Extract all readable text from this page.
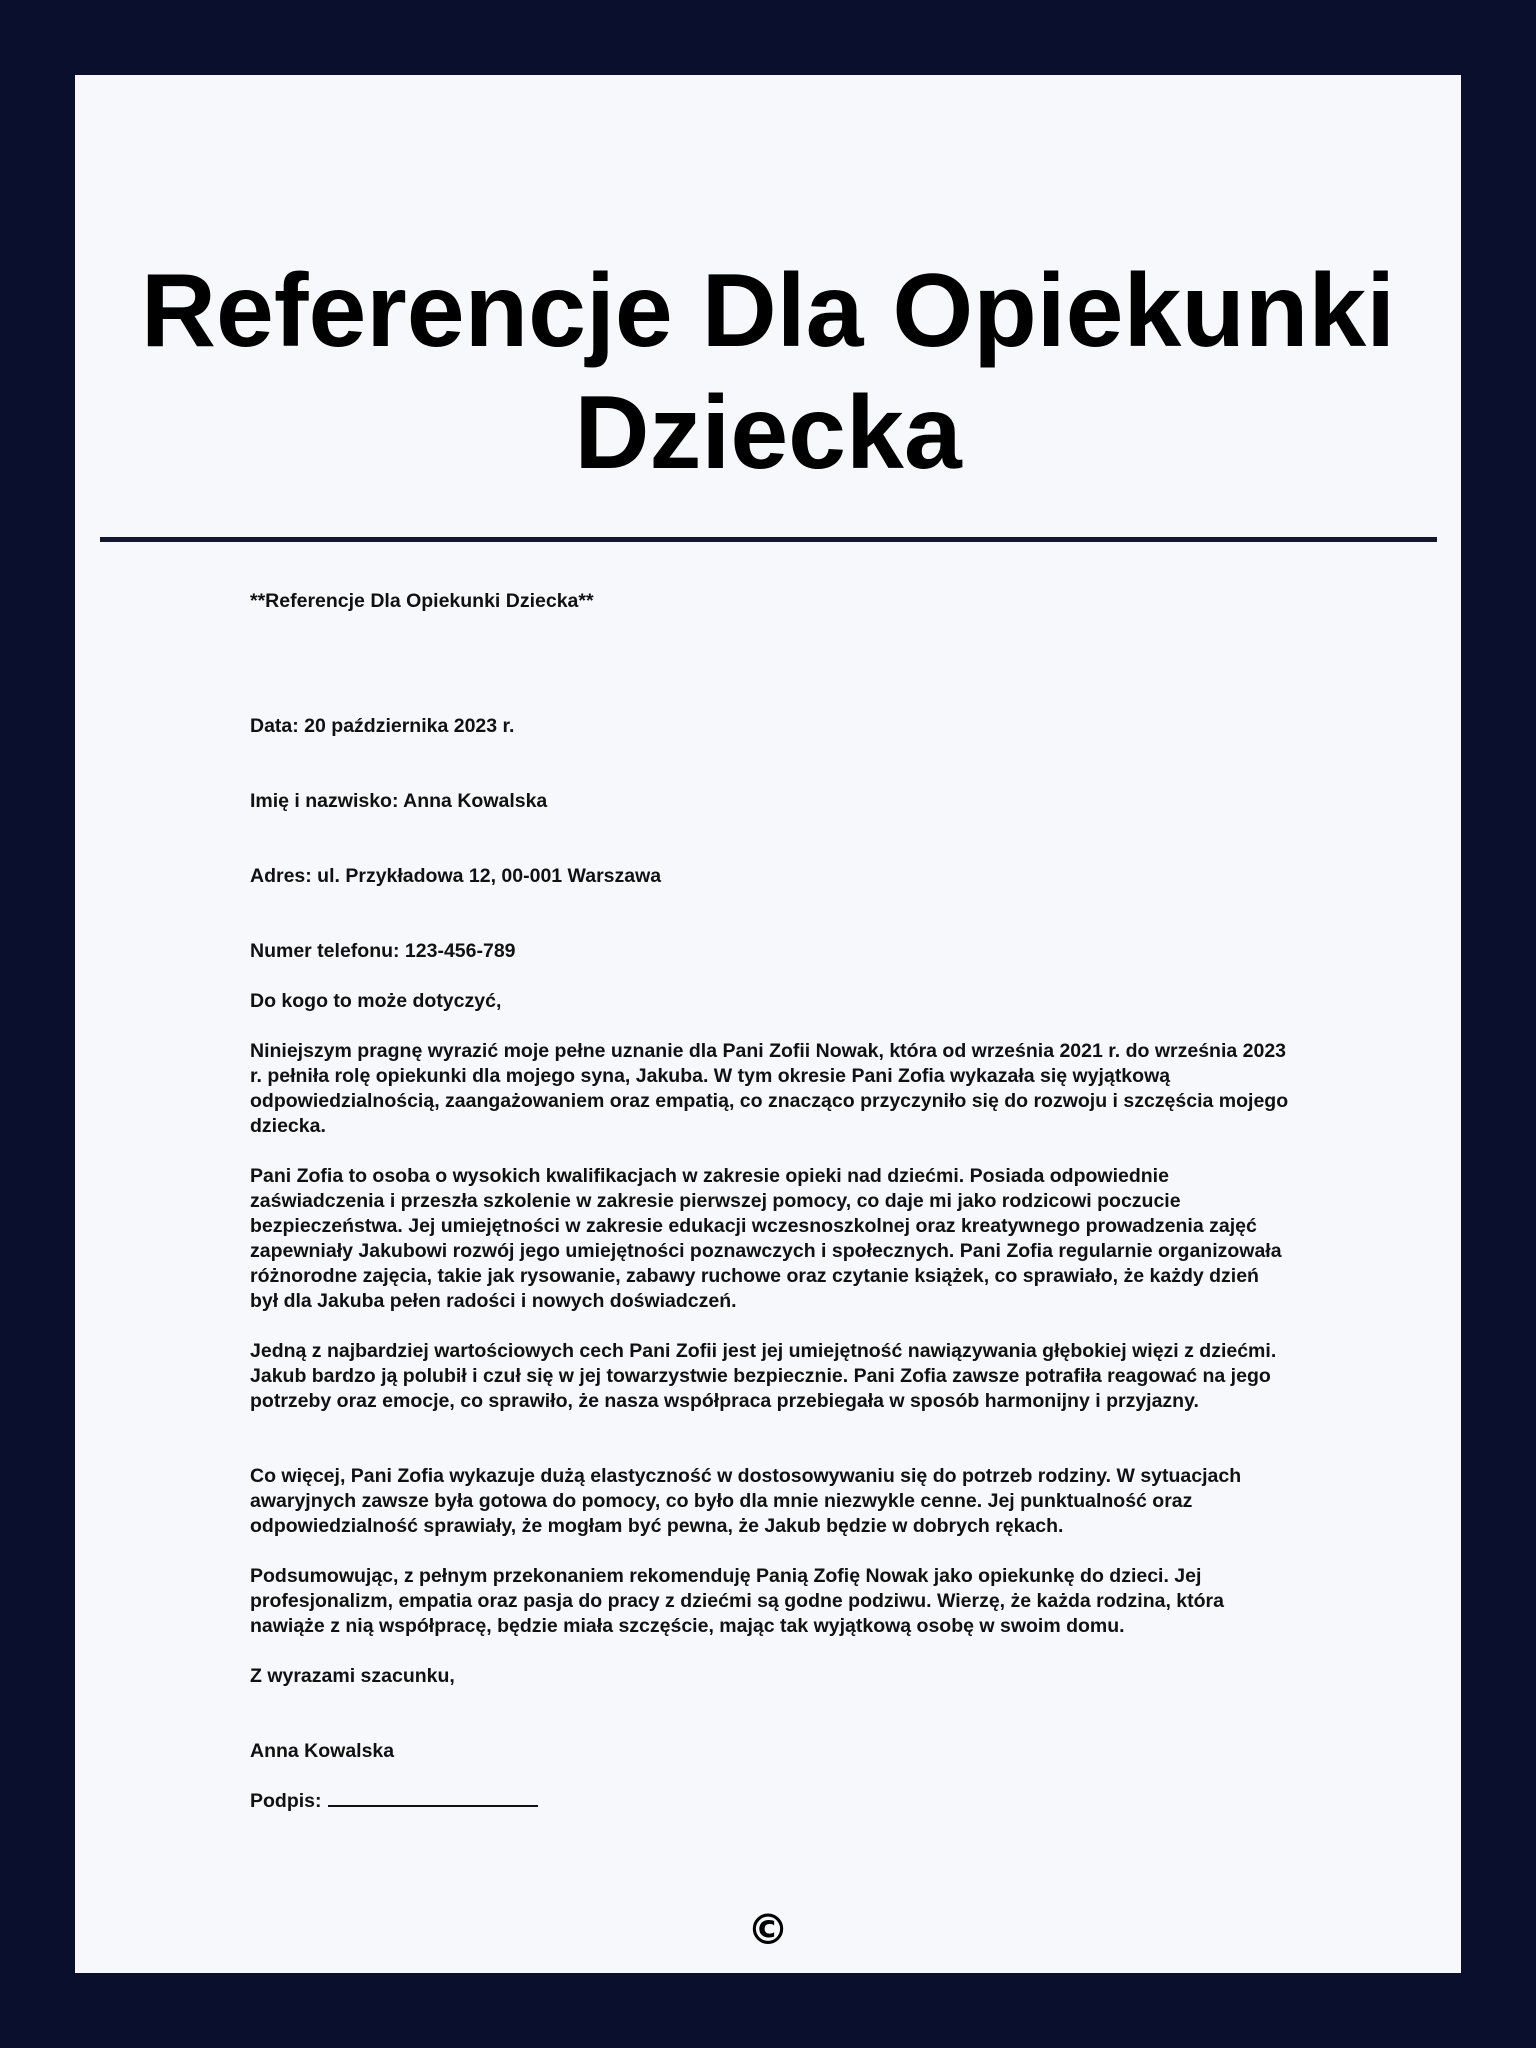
Referencje Dla Opiekunki Dziecka
**Referencje Dla Opiekunki Dziecka**
Data: 20 października 2023 r.
Imię i nazwisko: Anna Kowalska
Adres: ul. Przykładowa 12, 00-001 Warszawa
Numer telefonu: 123-456-789
Do kogo to może dotyczyć,

Niniejszym pragnę wyrazić moje pełne uznanie dla Pani Zofii Nowak, która od września 2021 r. do września 2023 r. pełniła rolę opiekunki dla mojego syna, Jakuba. W tym okresie Pani Zofia wykazała się wyjątkową odpowiedzialnością, zaangażowaniem oraz empatią, co znacząco przyczyniło się do rozwoju i szczęścia mojego dziecka.

Pani Zofia to osoba o wysokich kwalifikacjach w zakresie opieki nad dziećmi. Posiada odpowiednie zaświadczenia i przeszła szkolenie w zakresie pierwszej pomocy, co daje mi jako rodzicowi poczucie bezpieczeństwa. Jej umiejętności w zakresie edukacji wczesnoszkolnej oraz kreatywnego prowadzenia zajęć zapewniały Jakubowi rozwój jego umiejętności poznawczych i społecznych. Pani Zofia regularnie organizowała różnorodne zajęcia, takie jak rysowanie, zabawy ruchowe oraz czytanie książek, co sprawiało, że każdy dzień był dla Jakuba pełen radości i nowych doświadczeń.

Jedną z najbardziej wartościowych cech Pani Zofii jest jej umiejętność nawiązywania głębokiej więzi z dziećmi. Jakub bardzo ją polubił i czuł się w jej towarzystwie bezpiecznie. Pani Zofia zawsze potrafiła reagować na jego potrzeby oraz emocje, co sprawiło, że nasza współpraca przebiegała w sposób harmonijny i przyjazny.

Co więcej, Pani Zofia wykazuje dużą elastyczność w dostosowywaniu się do potrzeb rodziny. W sytuacjach awaryjnych zawsze była gotowa do pomocy, co było dla mnie niezwykle cenne. Jej punktualność oraz odpowiedzialność sprawiały, że mogłam być pewna, że Jakub będzie w dobrych rękach.

Podsumowując, z pełnym przekonaniem rekomenduję Panią Zofię Nowak jako opiekunkę do dzieci. Jej profesjonalizm, empatia oraz pasja do pracy z dziećmi są godne podziwu. Wierzę, że każda rodzina, która nawiąże z nią współpracę, będzie miała szczęście, mając tak wyjątkową osobę w swoim domu.

Z wyrazami szacunku,
Anna Kowalska
Podpis:
©
